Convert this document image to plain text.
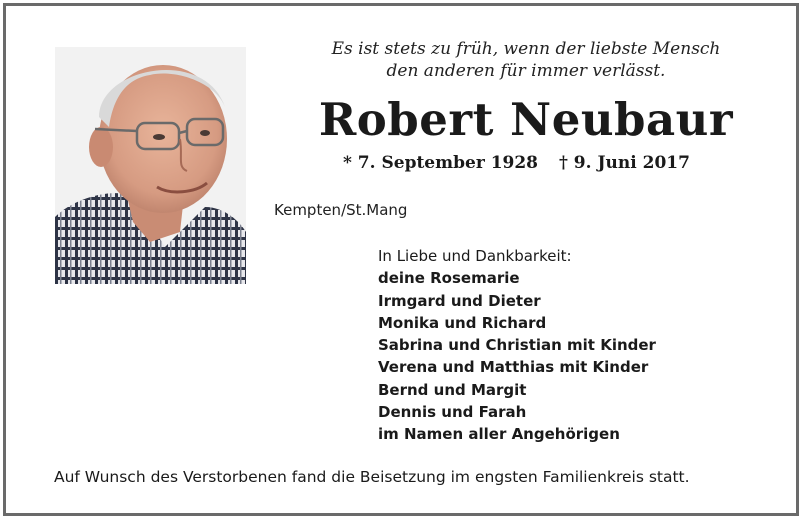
Es ist stets zu früh, wenn der liebste Mensch
den anderen für immer verlässt.
Robert Neubaur
* 7. September 1928 † 9. Juni 2017
Kempten/St.Mang
In Liebe und Dankbarkeit:
deine Rosemarie
Irmgard und Dieter
Monika und Richard
Sabrina und Christian mit Kinder
Verena und Matthias mit Kinder
Bernd und Margit
Dennis und Farah
im Namen aller Angehörigen
Auf Wunsch des Verstorbenen fand die Beisetzung im engsten Familienkreis statt.
